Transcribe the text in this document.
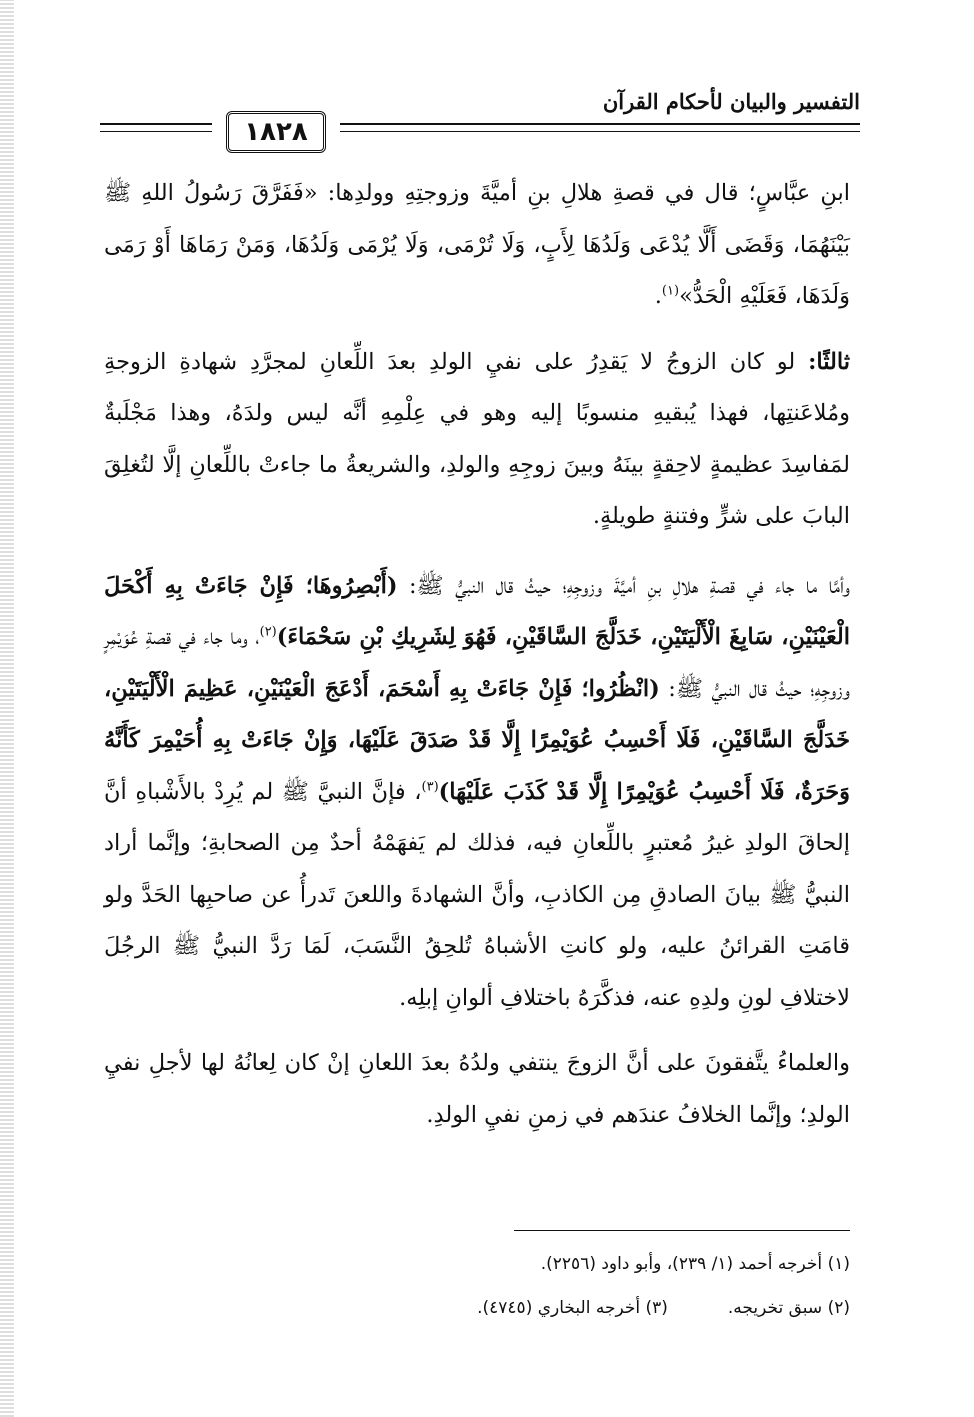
التفسير والبيان لأحكام القرآن
١٨٢٨

ابنِ عبَّاسٍ؛ قال في قصةِ هلالِ بنِ أميَّةَ وزوجتِهِ وولدِها: «فَفَرَّقَ رَسُولُ اللهِ ﷺ بَيْنَهُمَا، وَقَضَى أَلَّا يُدْعَى وَلَدُهَا لِأَبٍ، وَلَا تُرْمَى، وَلَا يُرْمَى وَلَدُهَا، وَمَنْ رَمَاهَا أَوْ رَمَى وَلَدَهَا، فَعَلَيْهِ الْحَدُّ»$^{(١)}$.

ثالثًا: لو كان الزوجُ لا يَقدِرُ على نفيِ الولدِ بعدَ اللِّعانِ لمجرَّدِ شهادةِ الزوجةِ ومُلاعَنتِها، فهذا يُبقيهِ منسوبًا إليه وهو في عِلْمِهِ أنَّه ليس ولدَهُ، وهذا مَجْلَبةٌ لمَفاسِدَ عظيمةٍ لاحِقةٍ بينَهُ وبينَ زوجِهِ والولدِ، والشريعةُ ما جاءتْ باللِّعانِ إلَّا لتُغلِقَ البابَ على شرٍّ وفتنةٍ طويلةٍ.

وأمَّا ما جاء في قصةِ هلالِ بنِ أميَّةَ وزوجِهِ؛ حيثُ قال النبيُّ ﷺ: (أَبْصِرُوهَا؛ فَإِنْ جَاءَتْ بِهِ أَكْحَلَ الْعَيْنَيْنِ، سَابِغَ الْأَلْيَتَيْنِ، خَدَلَّجَ السَّاقَيْنِ، فَهُوَ لِشَرِيكِ بْنِ سَحْمَاءَ)$^{(٢)}$، وما جاء في قصةِ عُوَيْمِرٍ وزوجِهِ؛ حيثُ قال النبيُّ ﷺ: (انْظُرُوا؛ فَإِنْ جَاءَتْ بِهِ أَسْحَمَ، أَدْعَجَ الْعَيْنَيْنِ، عَظِيمَ الْأَلْيَتَيْنِ، خَدَلَّجَ السَّاقَيْنِ، فَلَا أَحْسِبُ عُوَيْمِرًا إِلَّا قَدْ صَدَقَ عَلَيْهَا، وَإِنْ جَاءَتْ بِهِ أُحَيْمِرَ كَأَنَّهُ وَحَرَةٌ، فَلَا أَحْسِبُ عُوَيْمِرًا إِلَّا قَدْ كَذَبَ عَلَيْهَا)$^{(٣)}$، فإنَّ النبيَّ ﷺ لم يُرِدْ بالأَشْباهِ أنَّ إلحاقَ الولدِ غيرُ مُعتبرٍ باللِّعانِ فيه، فذلك لم يَفهَمْهُ أحدٌ مِن الصحابةِ؛ وإنَّما أراد النبيُّ ﷺ بيانَ الصادقِ مِن الكاذبِ، وأنَّ الشهادةَ واللعنَ تَدرأُ عن صاحبِها الحَدَّ ولو قامَتِ القرائنُ عليه، ولو كانتِ الأشباهُ تُلحِقُ النَّسَبَ، لَمَا رَدَّ النبيُّ ﷺ الرجُلَ لاختلافِ لونِ ولدِهِ عنه، فذكَّرَهُ باختلافِ ألوانِ إبلِه.

والعلماءُ يتَّفقونَ على أنَّ الزوجَ ينتفي ولدُهُ بعدَ اللعانِ إنْ كان لِعانُهُ لها لأجلِ نفيِ الولدِ؛ وإنَّما الخلافُ عندَهم في زمنِ نفيِ الولدِ.

(١) أخرجه أحمد (١/ ٢٣٩)، وأبو داود (٢٢٥٦).
(٢) سبق تخريجه.
(٣) أخرجه البخاري (٤٧٤٥).
